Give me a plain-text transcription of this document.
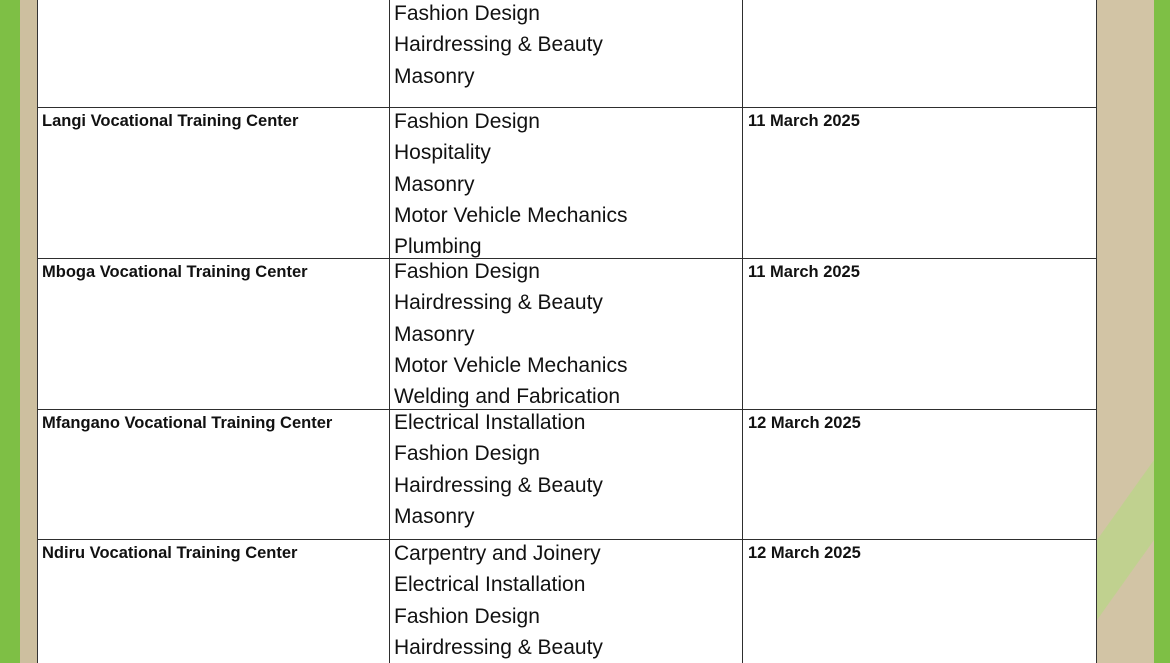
Fashion Design
Hairdressing & Beauty
Masonry
Langi Vocational Training Center	Fashion Design
Hospitality
Masonry
Motor Vehicle Mechanics
Plumbing
11 March 2025
Mboga Vocational Training Center	Fashion Design
Hairdressing & Beauty
Masonry
Motor Vehicle Mechanics
Welding and Fabrication
11 March 2025
Mfangano Vocational Training Center	Electrical Installation
Fashion Design
Hairdressing & Beauty
Masonry
12 March 2025
Ndiru Vocational Training Center	Carpentry and Joinery
Electrical Installation
Fashion Design
Hairdressing & Beauty
12 March 2025
